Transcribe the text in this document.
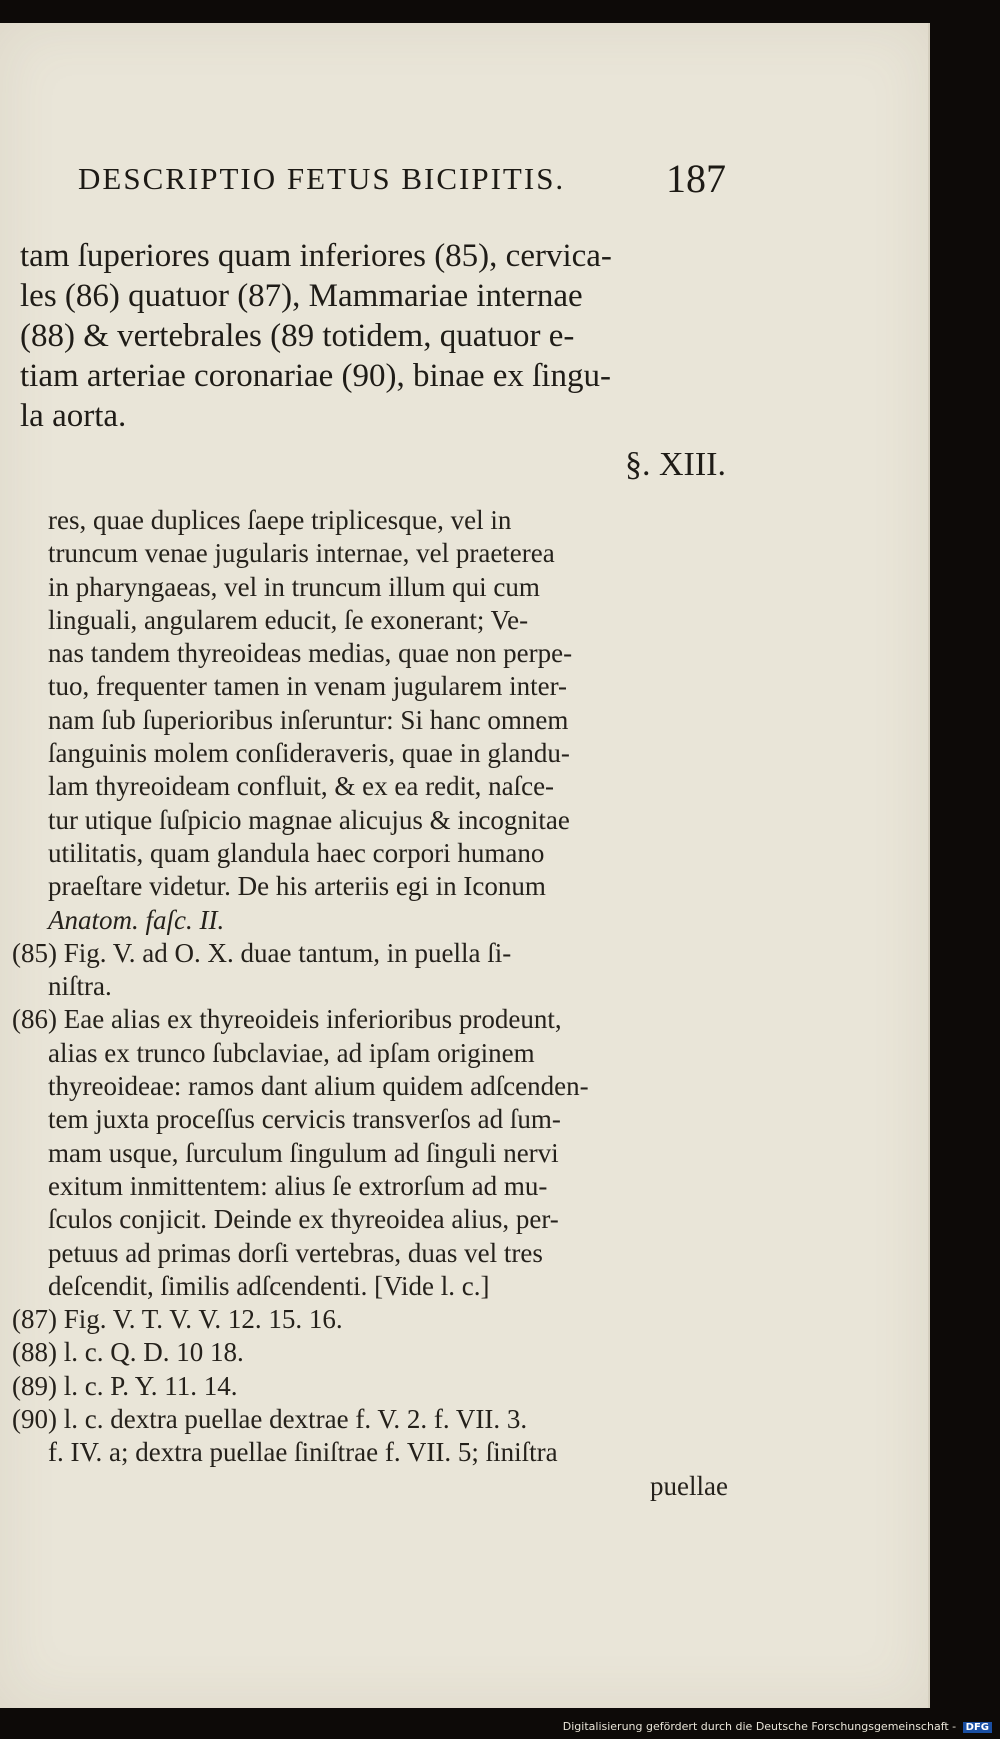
DESCRIPTIO FETUS BICIPITIS.	187
tam ſuperiores quam inferiores (85), cervica-
les (86) quatuor (87), Mammariae internae
(88) & vertebrales (89 totidem, quatuor e-
tiam arteriae coronariae (90), binae ex ſingu-
la aorta.
§. XIII.
res, quae duplices ſaepe triplicesque, vel in
truncum venae jugularis internae, vel praeterea
in pharyngaeas, vel in truncum illum qui cum
linguali, angularem educit, ſe exonerant; Ve-
nas tandem thyreoideas medias, quae non perpe-
tuo, frequenter tamen in venam jugularem inter-
nam ſub ſuperioribus inſeruntur: Si hanc omnem
ſanguinis molem conſideraveris, quae in glandu-
lam thyreoideam confluit, & ex ea redit, naſce-
tur utique ſuſpicio magnae alicujus & incognitae
utilitatis, quam glandula haec corpori humano
praeſtare videtur. De his arteriis egi in Iconum
Anatom. faſc. II.
(85) Fig. V. ad O. X. duae tantum, in puella ſi-
niſtra.
(86) Eae alias ex thyreoideis inferioribus prodeunt,
alias ex trunco ſubclaviae, ad ipſam originem
thyreoideae: ramos dant alium quidem adſcenden-
tem juxta proceſſus cervicis transverſos ad ſum-
mam usque, ſurculum ſingulum ad ſinguli nervi
exitum inmittentem: alius ſe extrorſum ad mu-
ſculos conjicit. Deinde ex thyreoidea alius, per-
petuus ad primas dorſi vertebras, duas vel tres
deſcendit, ſimilis adſcendenti. [Vide l. c.]
(87) Fig. V. T. V. V. 12. 15. 16.
(88) l. c. Q. D. 10 18.
(89) l. c. P. Y. 11. 14.
(90) l. c. dextra puellae dextrae f. V. 2. f. VII. 3.
f. IV. a; dextra puellae ſiniſtrae f. VII. 5; ſiniſtra
puellae
Digitalisierung gefördert durch die Deutsche Forschungsgemeinschaft - DFG
